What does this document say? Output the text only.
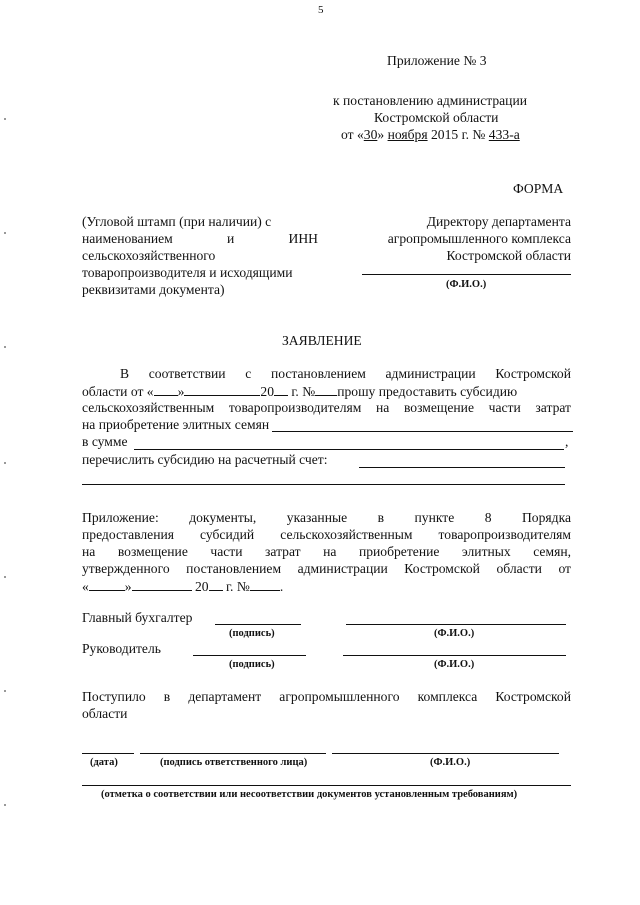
5
Приложение № 3
к постановлению администрации
Костромской области
от «30» ноября 2015 г. № 433-а
ФОРМА
(Угловой штамп (при наличии) с
наименованием и ИНН
сельскохозяйственного
товаропроизводителя и исходящими
реквизитами документа)
Директору департамента
агропромышленного комплекса
Костромской области
(Ф.И.О.)
ЗАЯВЛЕНИЕ
В соответствии с постановлением администрации Костромской
области от « »	20 г. № прошу предоставить субсидию
сельскохозяйственным товаропроизводителям на возмещение части затрат
на приобретение элитных семян
в сумме	,
перечислить субсидию на расчетный счет:
Приложение: документы, указанные в пункте 8 Порядка
предоставления субсидий сельскохозяйственным товаропроизводителям
на возмещение части затрат на приобретение элитных семян,
утвержденного постановлением администрации Костромской области от
«	»	20 г. № .
Главный бухгалтер
(подпись)	(Ф.И.О.)
Руководитель
(подпись)	(Ф.И.О.)
Поступило в департамент агропромышленного комплекса Костромской
области
(дата)	(подпись ответственного лица)	(Ф.И.О.)
(отметка о соответствии или несоответствии документов установленным требованиям)
